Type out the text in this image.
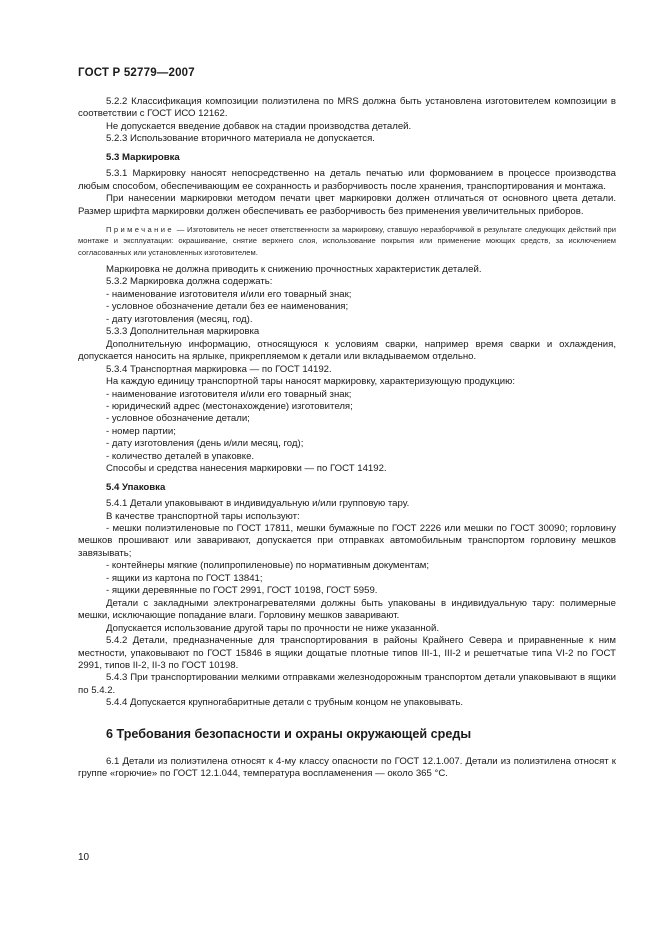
ГОСТ Р 52779—2007

5.2.2 Классификация композиции полиэтилена по MRS должна быть установлена изготовителем композиции в соответствии с ГОСТ ИСО 12162.

Не допускается введение добавок на стадии производства деталей.

5.2.3 Использование вторичного материала не допускается.

5.3 Маркировка

5.3.1 Маркировку наносят непосредственно на деталь печатью или формованием в процессе производства любым способом, обеспечивающим ее сохранность и разборчивость после хранения, транспортирования и монтажа.

При нанесении маркировки методом печати цвет маркировки должен отличаться от основного цвета детали. Размер шрифта маркировки должен обеспечивать ее разборчивость без применения увеличительных приборов.

Примечание — Изготовитель не несет ответственности за маркировку, ставшую неразборчивой в результате следующих действий при монтаже и эксплуатации: окрашивание, снятие верхнего слоя, использование покрытия или применение моющих средств, за исключением согласованных или установленных изготовителем.

Маркировка не должна приводить к снижению прочностных характеристик деталей.

5.3.2 Маркировка должна содержать:

- наименование изготовителя и/или его товарный знак;

- условное обозначение детали без ее наименования;

- дату изготовления (месяц, год).

5.3.3 Дополнительная маркировка

Дополнительную информацию, относящуюся к условиям сварки, например время сварки и охлаждения, допускается наносить на ярлыке, прикрепляемом к детали или вкладываемом отдельно.

5.3.4 Транспортная маркировка — по ГОСТ 14192.

На каждую единицу транспортной тары наносят маркировку, характеризующую продукцию:

- наименование изготовителя и/или его товарный знак;

- юридический адрес (местонахождение) изготовителя;

- условное обозначение детали;

- номер партии;

- дату изготовления (день и/или месяц, год);

- количество деталей в упаковке.

Способы и средства нанесения маркировки — по ГОСТ 14192.

5.4 Упаковка

5.4.1 Детали упаковывают в индивидуальную и/или групповую тару.

В качестве транспортной тары используют:

- мешки полиэтиленовые по ГОСТ 17811, мешки бумажные по ГОСТ 2226 или мешки по ГОСТ 30090; горловину мешков прошивают или заваривают, допускается при отправках автомобильным транспортом горловину мешков завязывать;

- контейнеры мягкие (полипропиленовые) по нормативным документам;

- ящики из картона по ГОСТ 13841;

- ящики деревянные по ГОСТ 2991, ГОСТ 10198, ГОСТ 5959.

Детали с закладными электронагревателями должны быть упакованы в индивидуальную тару: полимерные мешки, исключающие попадание влаги. Горловину мешков заваривают.

Допускается использование другой тары по прочности не ниже указанной.

5.4.2 Детали, предназначенные для транспортирования в районы Крайнего Севера и приравненные к ним местности, упаковывают по ГОСТ 15846 в ящики дощатые плотные типов III-1, III-2 и решетчатые типа VI-2 по ГОСТ 2991, типов II-2, II-3 по ГОСТ 10198.

5.4.3 При транспортировании мелкими отправками железнодорожным транспортом детали упаковывают в ящики по 5.4.2.

5.4.4 Допускается крупногабаритные детали с трубным концом не упаковывать.

6 Требования безопасности и охраны окружающей среды

6.1 Детали из полиэтилена относят к 4-му классу опасности по ГОСТ 12.1.007. Детали из полиэтилена относят к группе «горючие» по ГОСТ 12.1.044, температура воспламенения — около 365 °С.

10
